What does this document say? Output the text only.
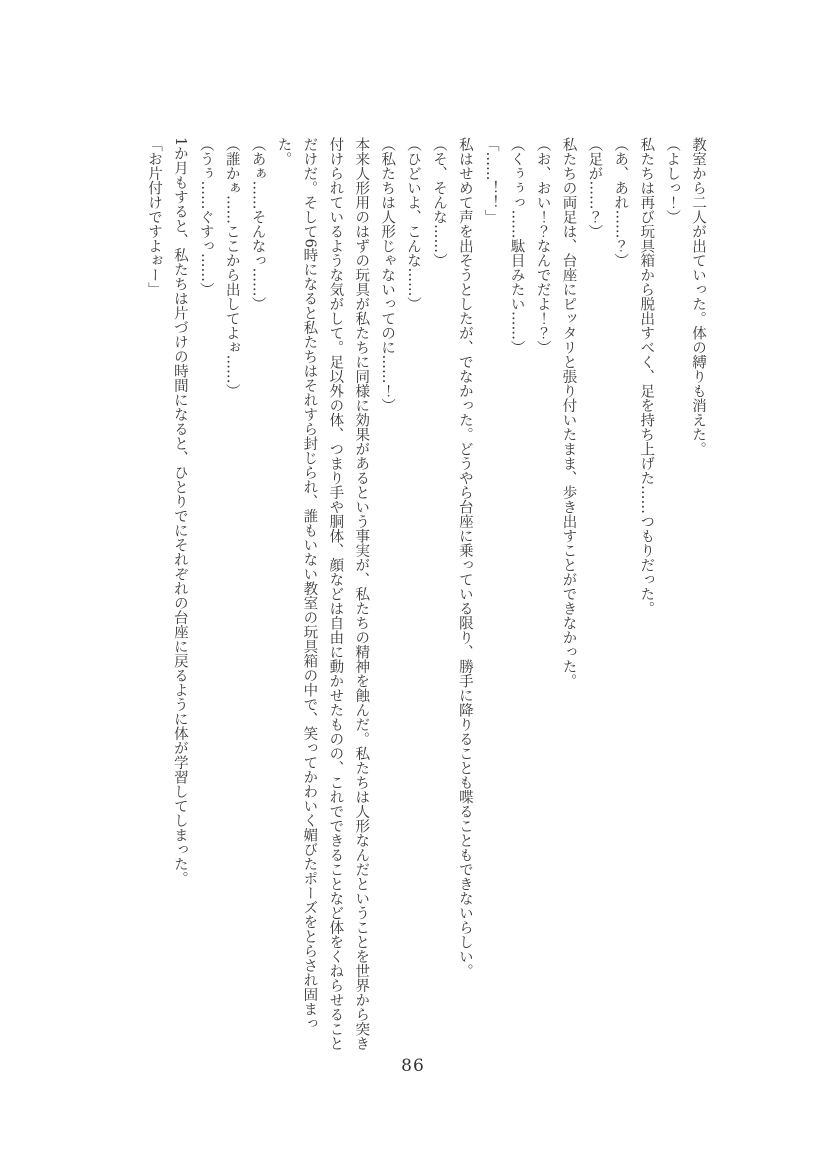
教室から二人が出ていった。体の縛りも消えた。

（よしっ！）

私たちは再び玩具箱から脱出すべく、足を持ち上げた……つもりだった。

（あ、あれ……？）

（足が……？）

私たちの両足は、台座にピッタリと張り付いたまま、歩き出すことができなかった。

（お、おい！？なんでだよ！？）

（くぅぅっ……駄目みたい……）

「……！！」

私はせめて声を出そうとしたが、でなかった。どうやら台座に乗っている限り、勝手に降りることも喋ることもできないらしい。

（そ、そんな……）

（ひどいよ、こんな……）

（私たちは人形じゃないってのに……！）

本来人形用のはずの玩具が私たちに同様に効果があるという事実が、私たちの精神を蝕んだ。私たちは人形なんだということを世界から突き付けられているような気がして。足以外の体、つまり手や胴体、顔などは自由に動かせたものの、これでできることなど体をくねらせることだけだ。そして6時になると私たちはそれすら封じられ、誰もいない教室の玩具箱の中で、笑ってかわいく媚びたポーズをとらされ固まった。

（あぁ……そんなっ……）

（誰かぁ……ここから出してよぉ……）

（うぅ……ぐすっ……）

1か月もすると、私たちは片づけの時間になると、ひとりでにそれぞれの台座に戻るように体が学習してしまった。

「お片付けですよぉー」

86
